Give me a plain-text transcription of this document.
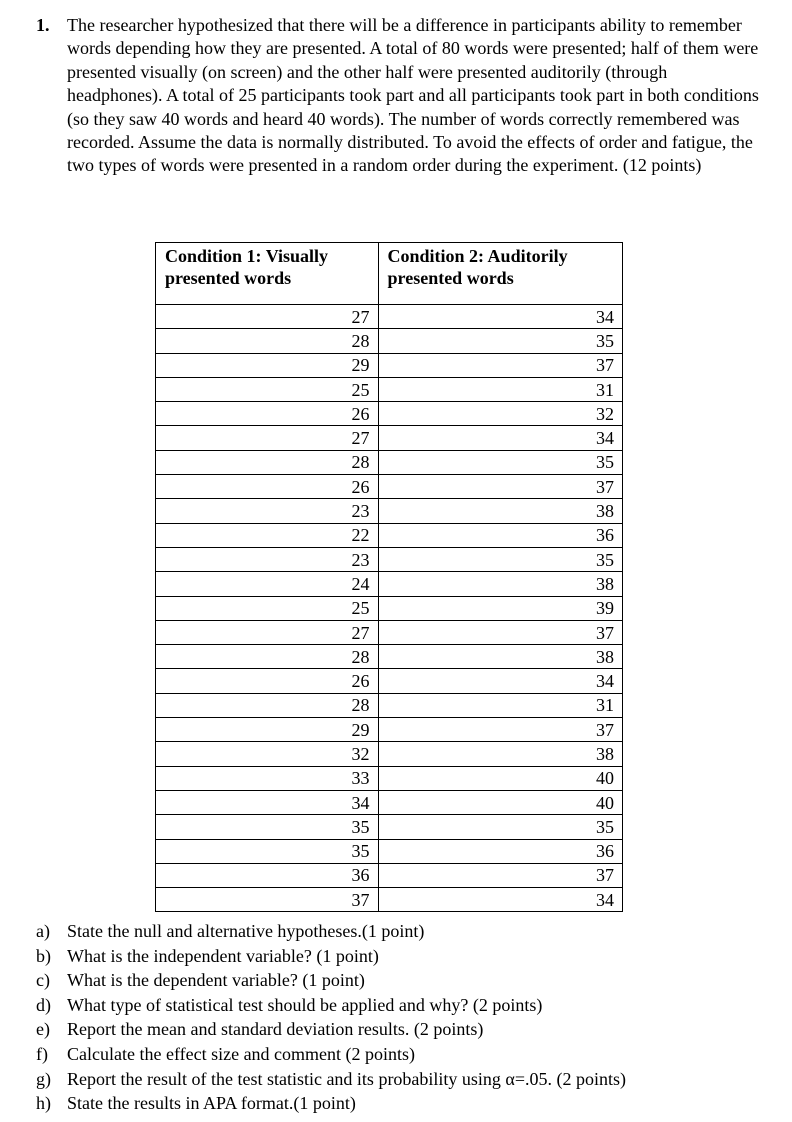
1. The researcher hypothesized that there will be a difference in participants ability to remember words depending how they are presented. A total of 80 words were presented; half of them were presented visually (on screen) and the other half were presented auditorily (through headphones). A total of 25 participants took part and all participants took part in both conditions (so they saw 40 words and heard 40 words). The number of words correctly remembered was recorded. Assume the data is normally distributed. To avoid the effects of order and fatigue, the two types of words were presented in a random order during the experiment. (12 points)
Condition 1: Visually presented words	Condition 2: Auditorily presented words
27	34
28	35
29	37
25	31
26	32
27	34
28	35
26	37
23	38
22	36
23	35
24	38
25	39
27	37
28	38
26	34
28	31
29	37
32	38
33	40
34	40
35	35
35	36
36	37
37	34
a) State the null and alternative hypotheses.(1 point)
b) What is the independent variable? (1 point)
c) What is the dependent variable? (1 point)
d) What type of statistical test should be applied and why? (2 points)
e) Report the mean and standard deviation results. (2 points)
f)	Calculate the effect size and comment (2 points)
g) Report the result of the test statistic and its probability using α=.05. (2 points)
h) State the results in APA format.(1 point)
